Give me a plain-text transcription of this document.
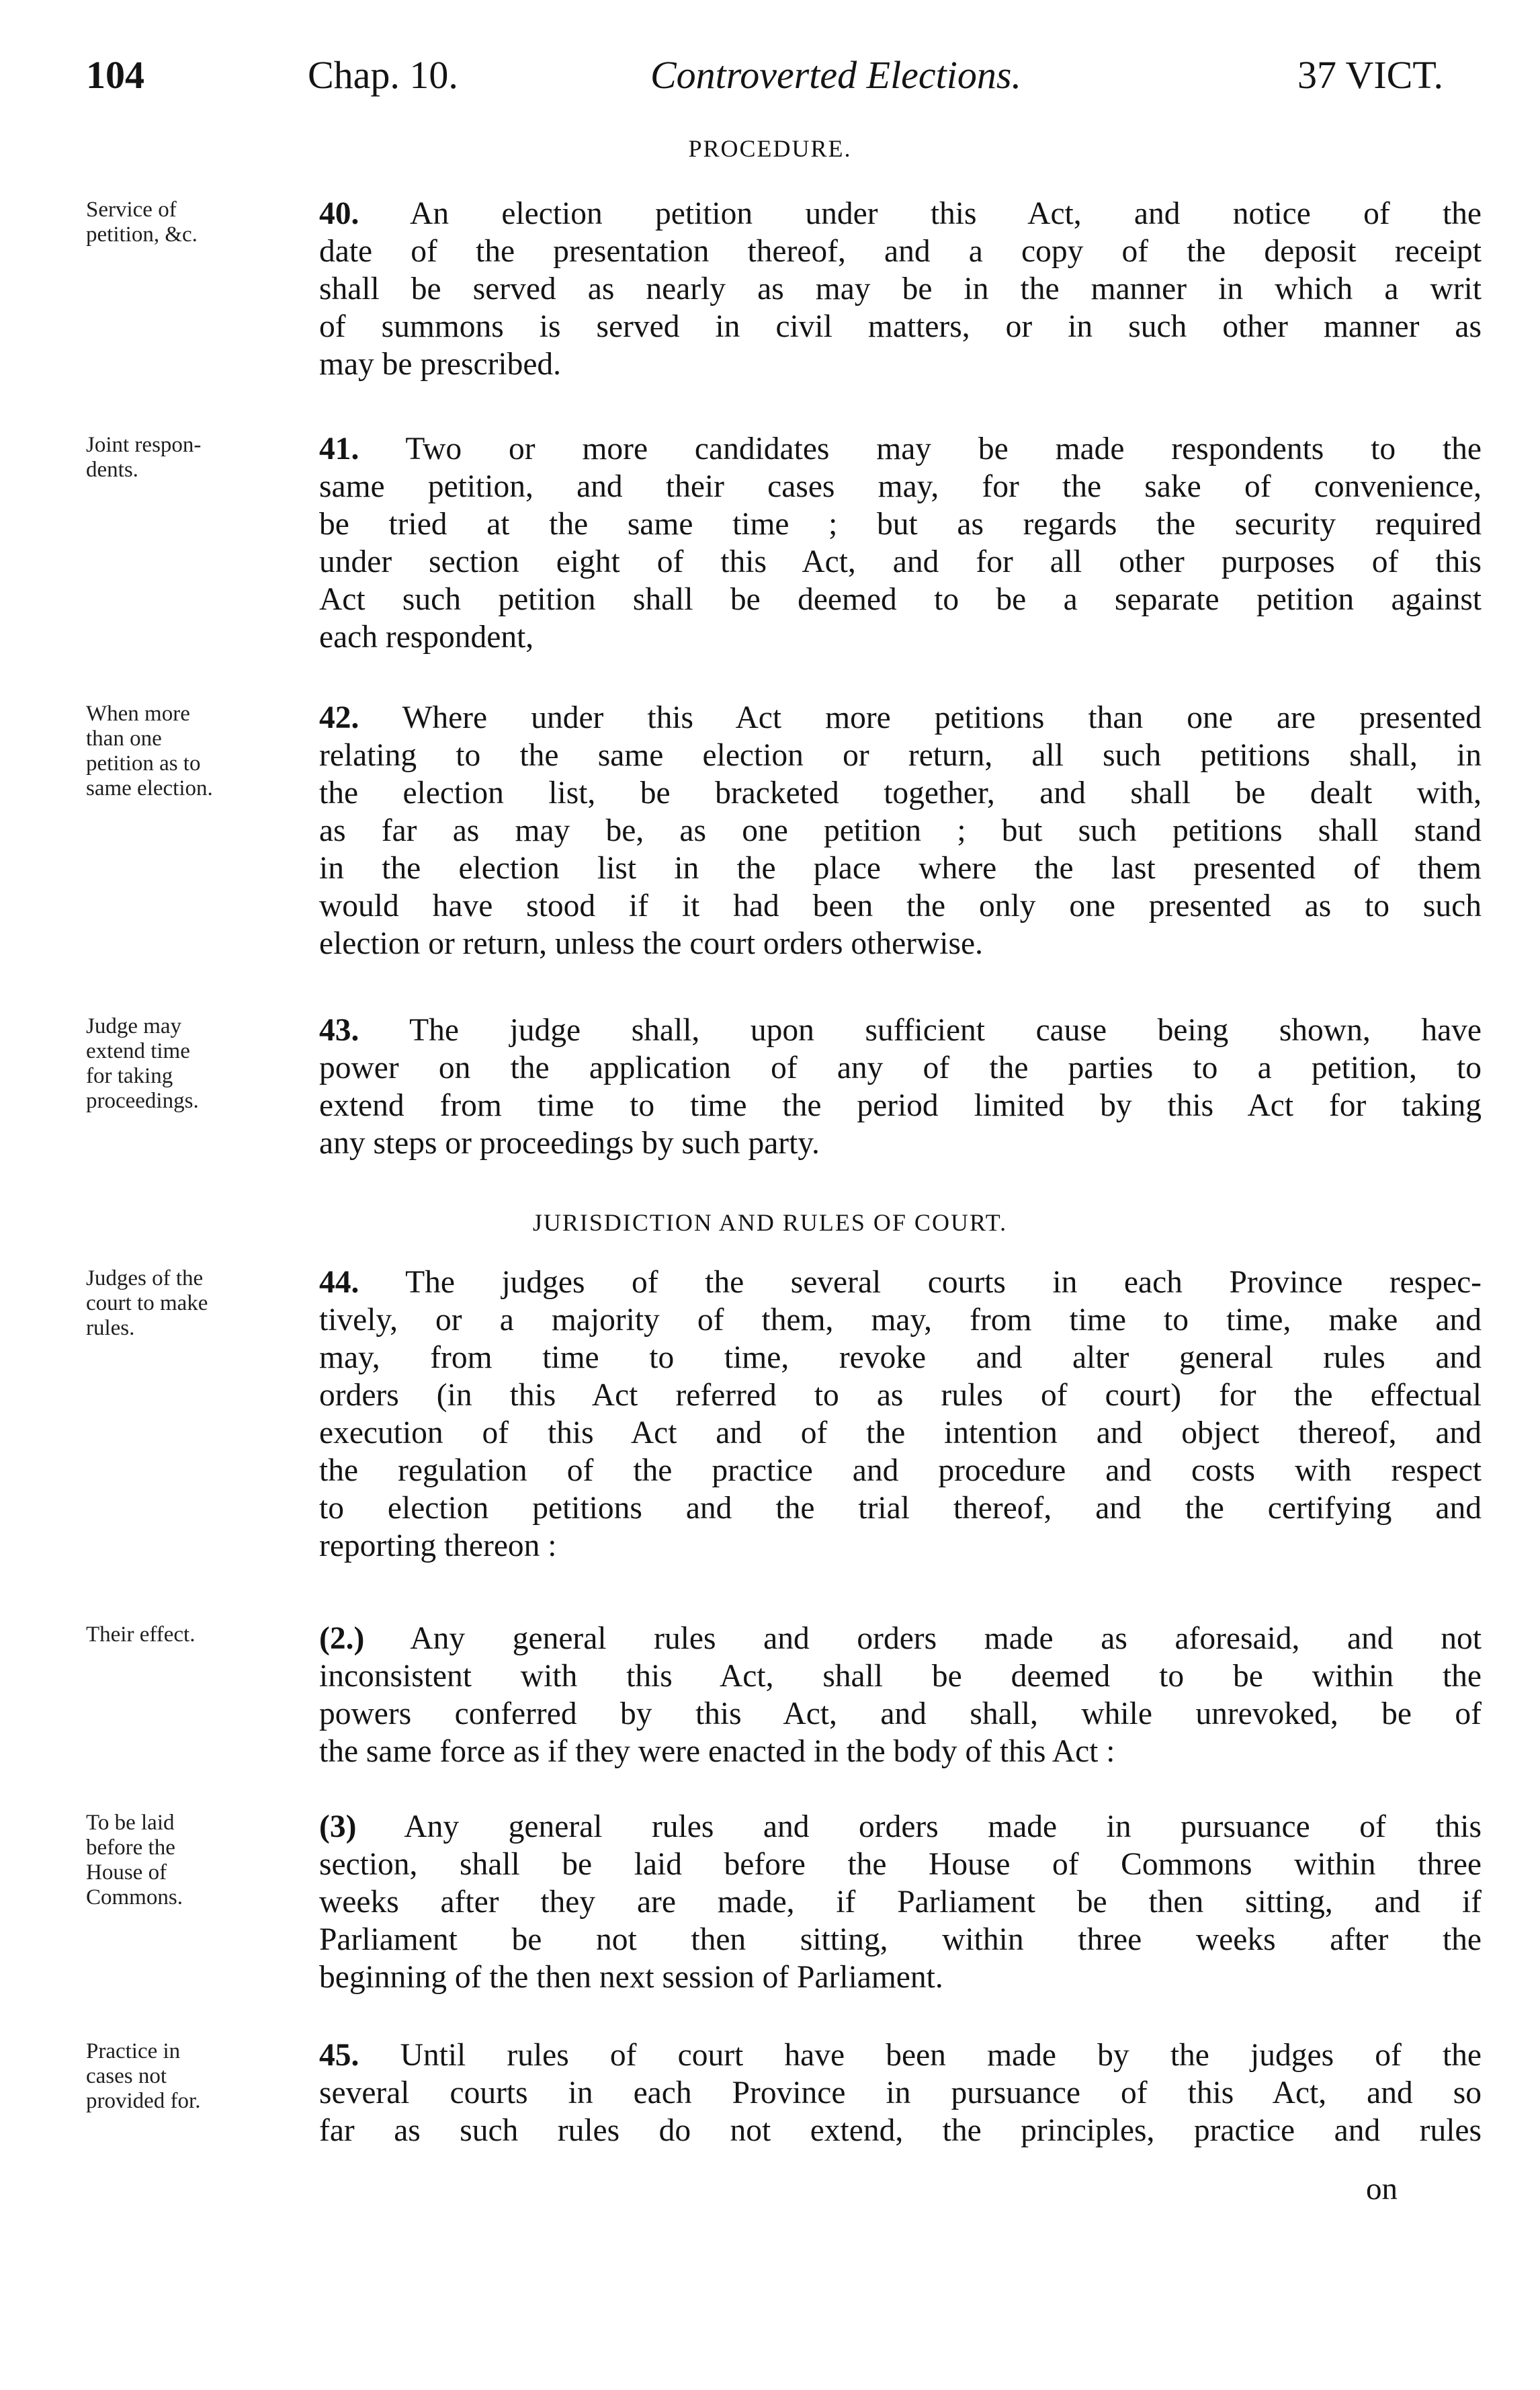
104	Chap. 10.	Controverted Elections.	37 VICT.
PROCEDURE.
JURISDICTION AND RULES OF COURT.
Service of
petition, &c.
40. An election petition under this Act, and notice of the
date of the presentation thereof, and a copy of the deposit receipt
shall be served as nearly as may be in the manner in which a writ
of summons is served in civil matters, or in such other manner as
may be prescribed.
Joint respon-
dents.
41. Two or more candidates may be made respondents to the
same petition, and their cases may, for the sake of convenience,
be tried at the same time ; but as regards the security required
under section eight of this Act, and for all other purposes of this
Act such petition shall be deemed to be a separate petition against
each respondent,
When more
than one
petition as to
same election.
42. Where under this Act more petitions than one are presented
relating to the same election or return, all such petitions shall, in
the election list, be bracketed together, and shall be dealt with,
as far as may be, as one petition ; but such petitions shall stand
in the election list in the place where the last presented of them
would have stood if it had been the only one presented as to such
election or return, unless the court orders otherwise.
Judge may
extend time
for taking
proceedings.
43. The judge shall, upon sufficient cause being shown, have
power on the application of any of the parties to a petition, to
extend from time to time the period limited by this Act for taking
any steps or proceedings by such party.
Judges of the
court to make
rules.
44. The judges of the several courts in each Province respec-
tively, or a majority of them, may, from time to time, make and
may, from time to time, revoke and alter general rules and
orders (in this Act referred to as rules of court) for the effectual
execution of this Act and of the intention and object thereof, and
the regulation of the practice and procedure and costs with respect
to election petitions and the trial thereof, and the certifying and
reporting thereon :
Their effect.	(2.) Any general rules and orders made as aforesaid, and not
inconsistent with this Act, shall be deemed to be within the
powers conferred by this Act, and shall, while unrevoked, be of
the same force as if they were enacted in the body of this Act :
To be laid
before the
House of
Commons.
(3) Any general rules and orders made in pursuance of this
section, shall be laid before the House of Commons within three
weeks after they are made, if Parliament be then sitting, and if
Parliament be not then sitting, within three weeks after the
beginning of the then next session of Parliament.
Practice in
cases not
provided for.
45. Until rules of court have been made by the judges of the
several courts in each Province in pursuance of this Act, and so
far as such rules do not extend, the principles, practice and rules
on
